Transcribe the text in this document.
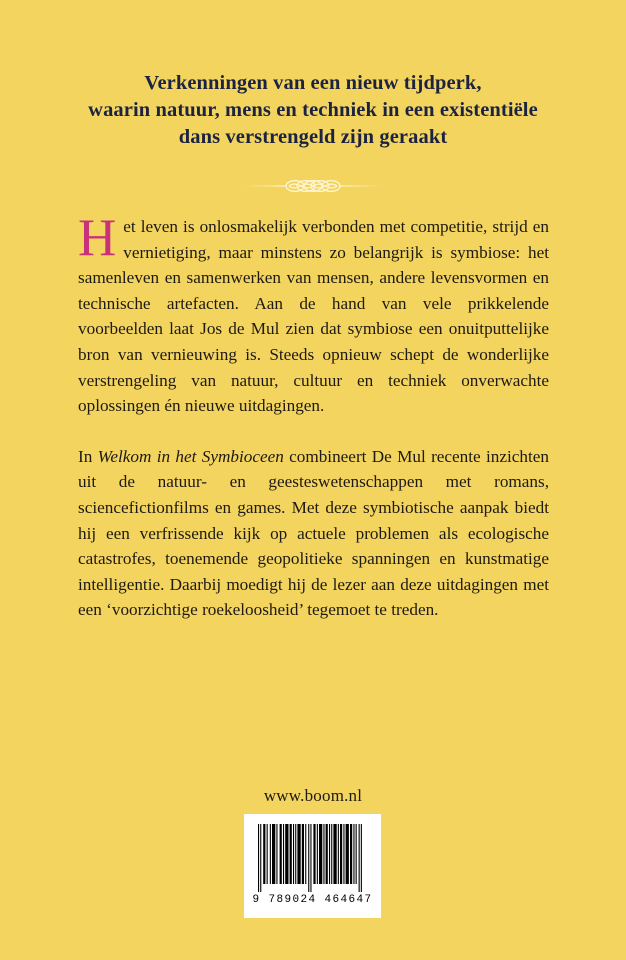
Verkenningen van een nieuw tijdperk,
waarin natuur, mens en techniek in een existentiële
dans verstrengeld zijn geraakt

Het leven is onlosmakelijk verbonden met competitie, strijd en vernietiging, maar minstens zo belangrijk is symbiose: het samenleven en samenwerken van mensen, andere levensvormen en technische artefacten. Aan de hand van vele prikkelende voorbeelden laat Jos de Mul zien dat symbiose een onuitputtelijke bron van vernieuwing is. Steeds opnieuw schept de wonderlijke verstrengeling van natuur, cultuur en techniek onverwachte oplossingen én nieuwe uitdagingen.

In Welkom in het Symbioceen combineert De Mul recente inzichten uit de natuur- en geesteswetenschappen met romans, sciencefictionfilms en games. Met deze symbiotische aanpak biedt hij een verfrissende kijk op actuele problemen als ecologische catastrofes, toenemende geopolitieke spanningen en kunstmatige intelligentie. Daarbij moedigt hij de lezer aan deze uitdagingen met een ‘voorzichtige roekeloosheid’ tegemoet te treden.

www.boom.nl
9 789024 464647
